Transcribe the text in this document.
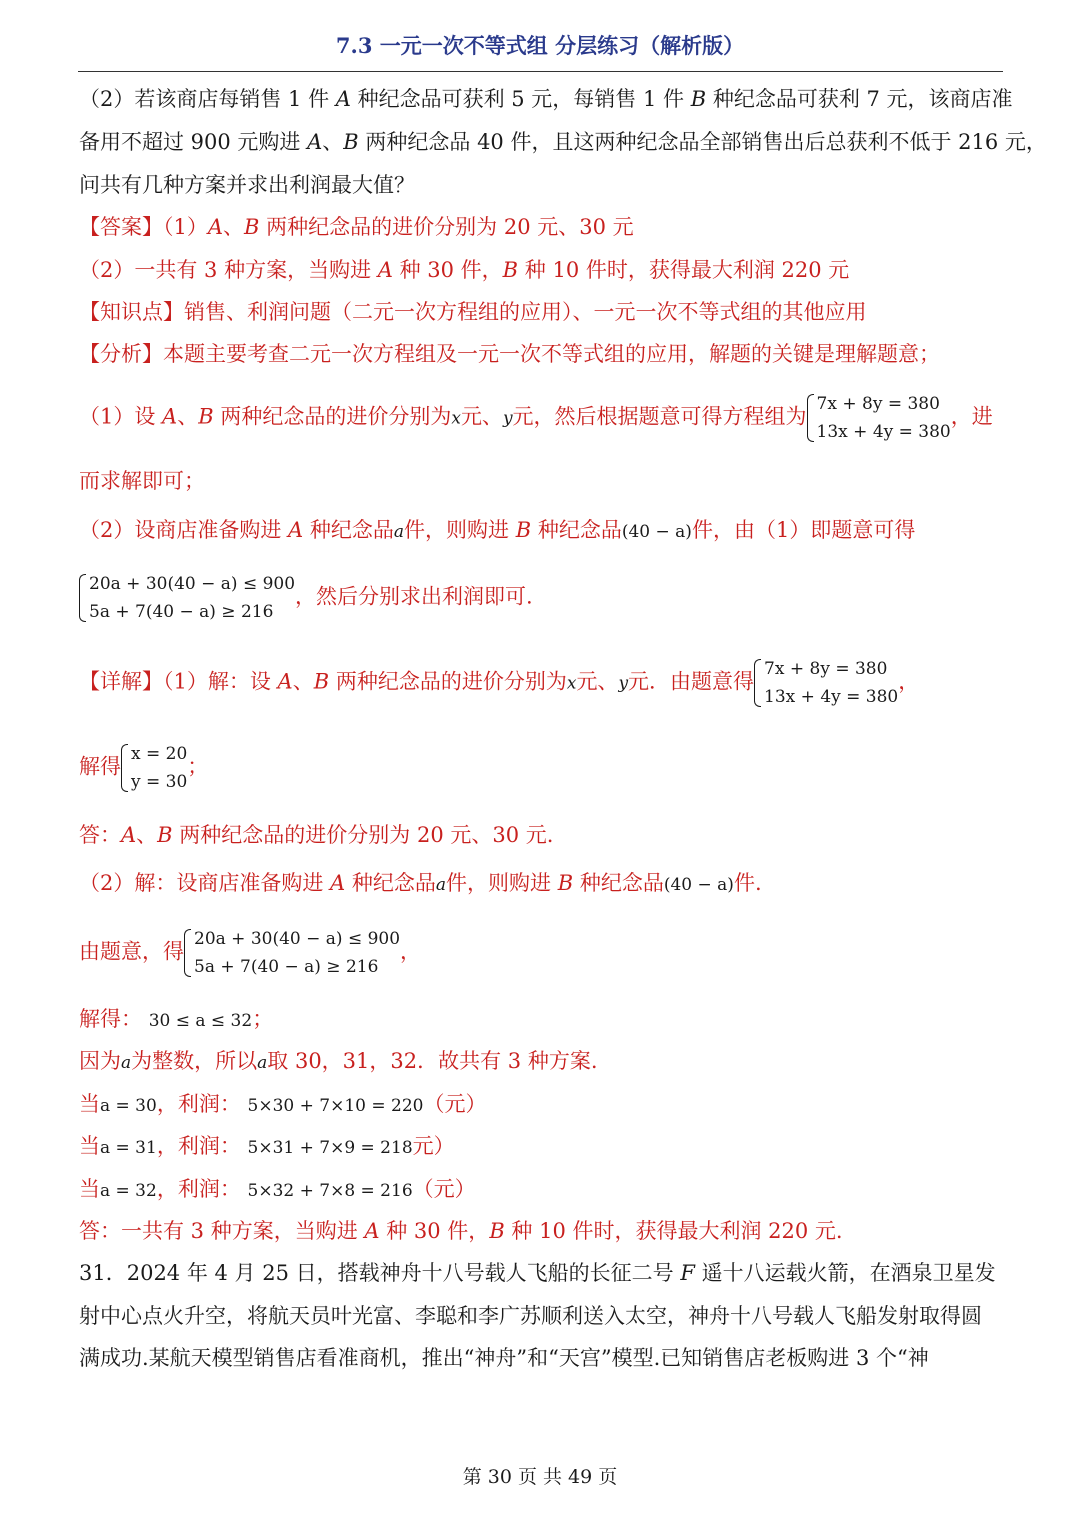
7.3 一元一次不等式组 分层练习（解析版）
（2）若该商店每销售 1 件 A 种纪念品可获利 5 元，每销售 1 件 B 种纪念品可获利 7 元，该商店准
备用不超过 900 元购进 A、B 两种纪念品 40 件，且这两种纪念品全部销售出后总获利不低于 216 元，
问共有几种方案并求出利润最大值？
【答案】（1）A、B 两种纪念品的进价分别为 20 元、30 元
（2）一共有 3 种方案，当购进 A 种 30 件，B 种 10 件时，获得最大利润 220 元
【知识点】销售、利润问题（二元一次方程组的应用）、一元一次不等式组的其他应用
【分析】本题主要考查二元一次方程组及一元一次不等式组的应用，解题的关键是理解题意；
（1）设 A、B 两种纪念品的进价分别为x元、y元，然后根据题意可得方程组为
7x + 8y = 380
13x + 4y = 380
，进
而求解即可；
（2）设商店准备购进 A 种纪念品a件，则购进 B 种纪念品(40 − a)件，由（1）即题意可得
20a + 30(40 − a) ≤ 900
5a + 7(40 − a) ≥ 216
，然后分别求出利润即可.
【详解】（1）解：设 A、B 两种纪念品的进价分别为x元、y元．由题意得
7x + 8y = 380
13x + 4y = 380
，
解得
x = 20
y = 30
；
答：A、B 两种纪念品的进价分别为 20 元、30 元.
（2）解：设商店准备购进 A 种纪念品a件，则购进 B 种纪念品(40 − a)件.
由题意，得
20a + 30(40 − a) ≤ 900
5a + 7(40 − a) ≥ 216
，
解得： 30 ≤ a ≤ 32；
因为a为整数，所以a取 30，31，32．故共有 3 种方案.
当a = 30，利润： 5×30 + 7×10 = 220（元）
当a = 31，利润： 5×31 + 7×9 = 218元）
当a = 32，利润： 5×32 + 7×8 = 216（元）
答：一共有 3 种方案，当购进 A 种 30 件，B 种 10 件时，获得最大利润 220 元.
31．2024 年 4 月 25 日，搭载神舟十八号载人飞船的长征二号 F 遥十八运载火箭，在酒泉卫星发
射中心点火升空，将航天员叶光富、李聪和李广苏顺利送入太空，神舟十八号载人飞船发射取得圆
满成功.某航天模型销售店看准商机，推出“神舟”和“天宫”模型.已知销售店老板购进 3 个“神
第 30 页 共 49 页
